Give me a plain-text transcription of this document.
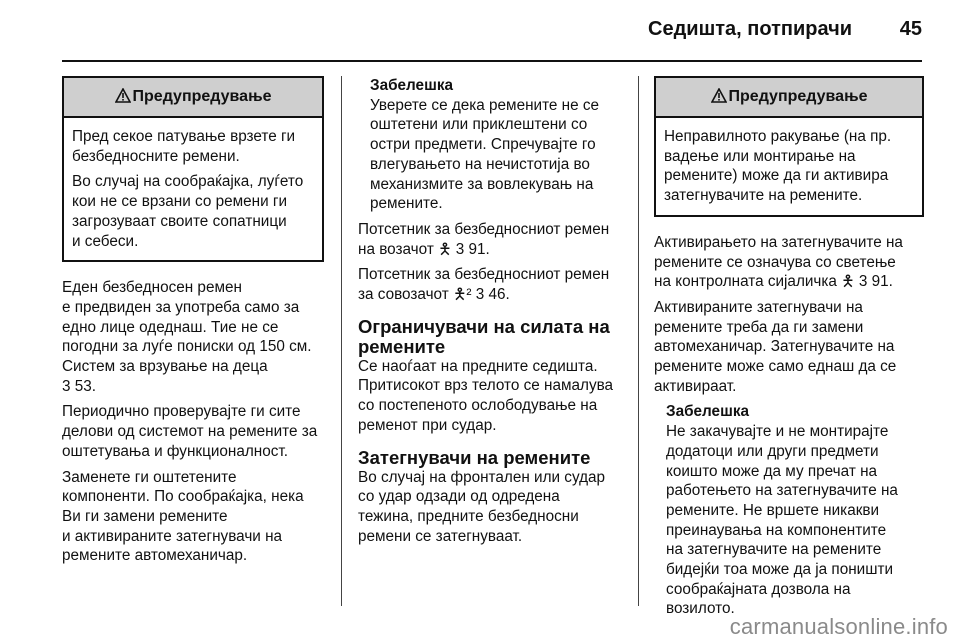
Седишта, потпирачи 45
Предупредување

Пред секое патување врзете ги
безбедносните ремени.

Во случај на сообраќајка, луѓето
кои не се врзани со ремени ги
загрозуваат своите сопатници
и себеси.

Еден безбедносен ремен
е предвиден за употреба само за
едно лице одеднаш. Тие не се
погодни за луѓе пониски од 150 см.
Систем за врзување на деца
3 53.

Периодично проверувајте ги сите
делови од системот на ремените за
оштетувања и функционалност.

Заменете ги оштетените
компоненти. По сообраќајка, нека
Ви ги замени ремените
и активираните затегнувачи на
ремените автомеханичар.

Забелешка
Уверете се дека ремените не се
оштетени или приклештени со
остри предмети. Спречувајте го
влегувањето на нечистотија во
механизмите за вовлекувањ на
ремените.

Потсетник за безбедносниот ремен
на возачот 🯅 3 91.

Потсетник за безбедносниот ремен
за совозачот 🯅² 3 46.

Ограничувачи на силата на
ремените

Се наоѓаат на предните седишта.
Притисокот врз телото се намалува
со постепеното ослободување на
ременот при судар.

Затегнувачи на ремените

Во случај на фронтален или судар
со удар одзади од одредена
тежина, предните безбедносни
ремени се затегнуваат.

Предупредување

Неправилното ракување (на пр.
вадење или монтирање на
ремените) може да ги активира
затегнувачите на ремените.

Активирањето на затегнувачите на
ремените се означува со светење
на контролната сијаличка 🯅 3 91.

Активираните затегнувачи на
ремените треба да ги замени
автомеханичар. Затегнувачите на
ремените може само еднаш да се
активираат.

Забелешка
Не закачувајте и не монтирајте
додатоци или други предмети
коишто може да му пречат на
работењето на затегнувачите на
ремените. Не вршете никакви
преинаувања на компонентите
на затегнувачите на ремените
бидејќи тоа може да ја поништи
сообраќајната дозвола на
возилото.
carmanualsonline.info
